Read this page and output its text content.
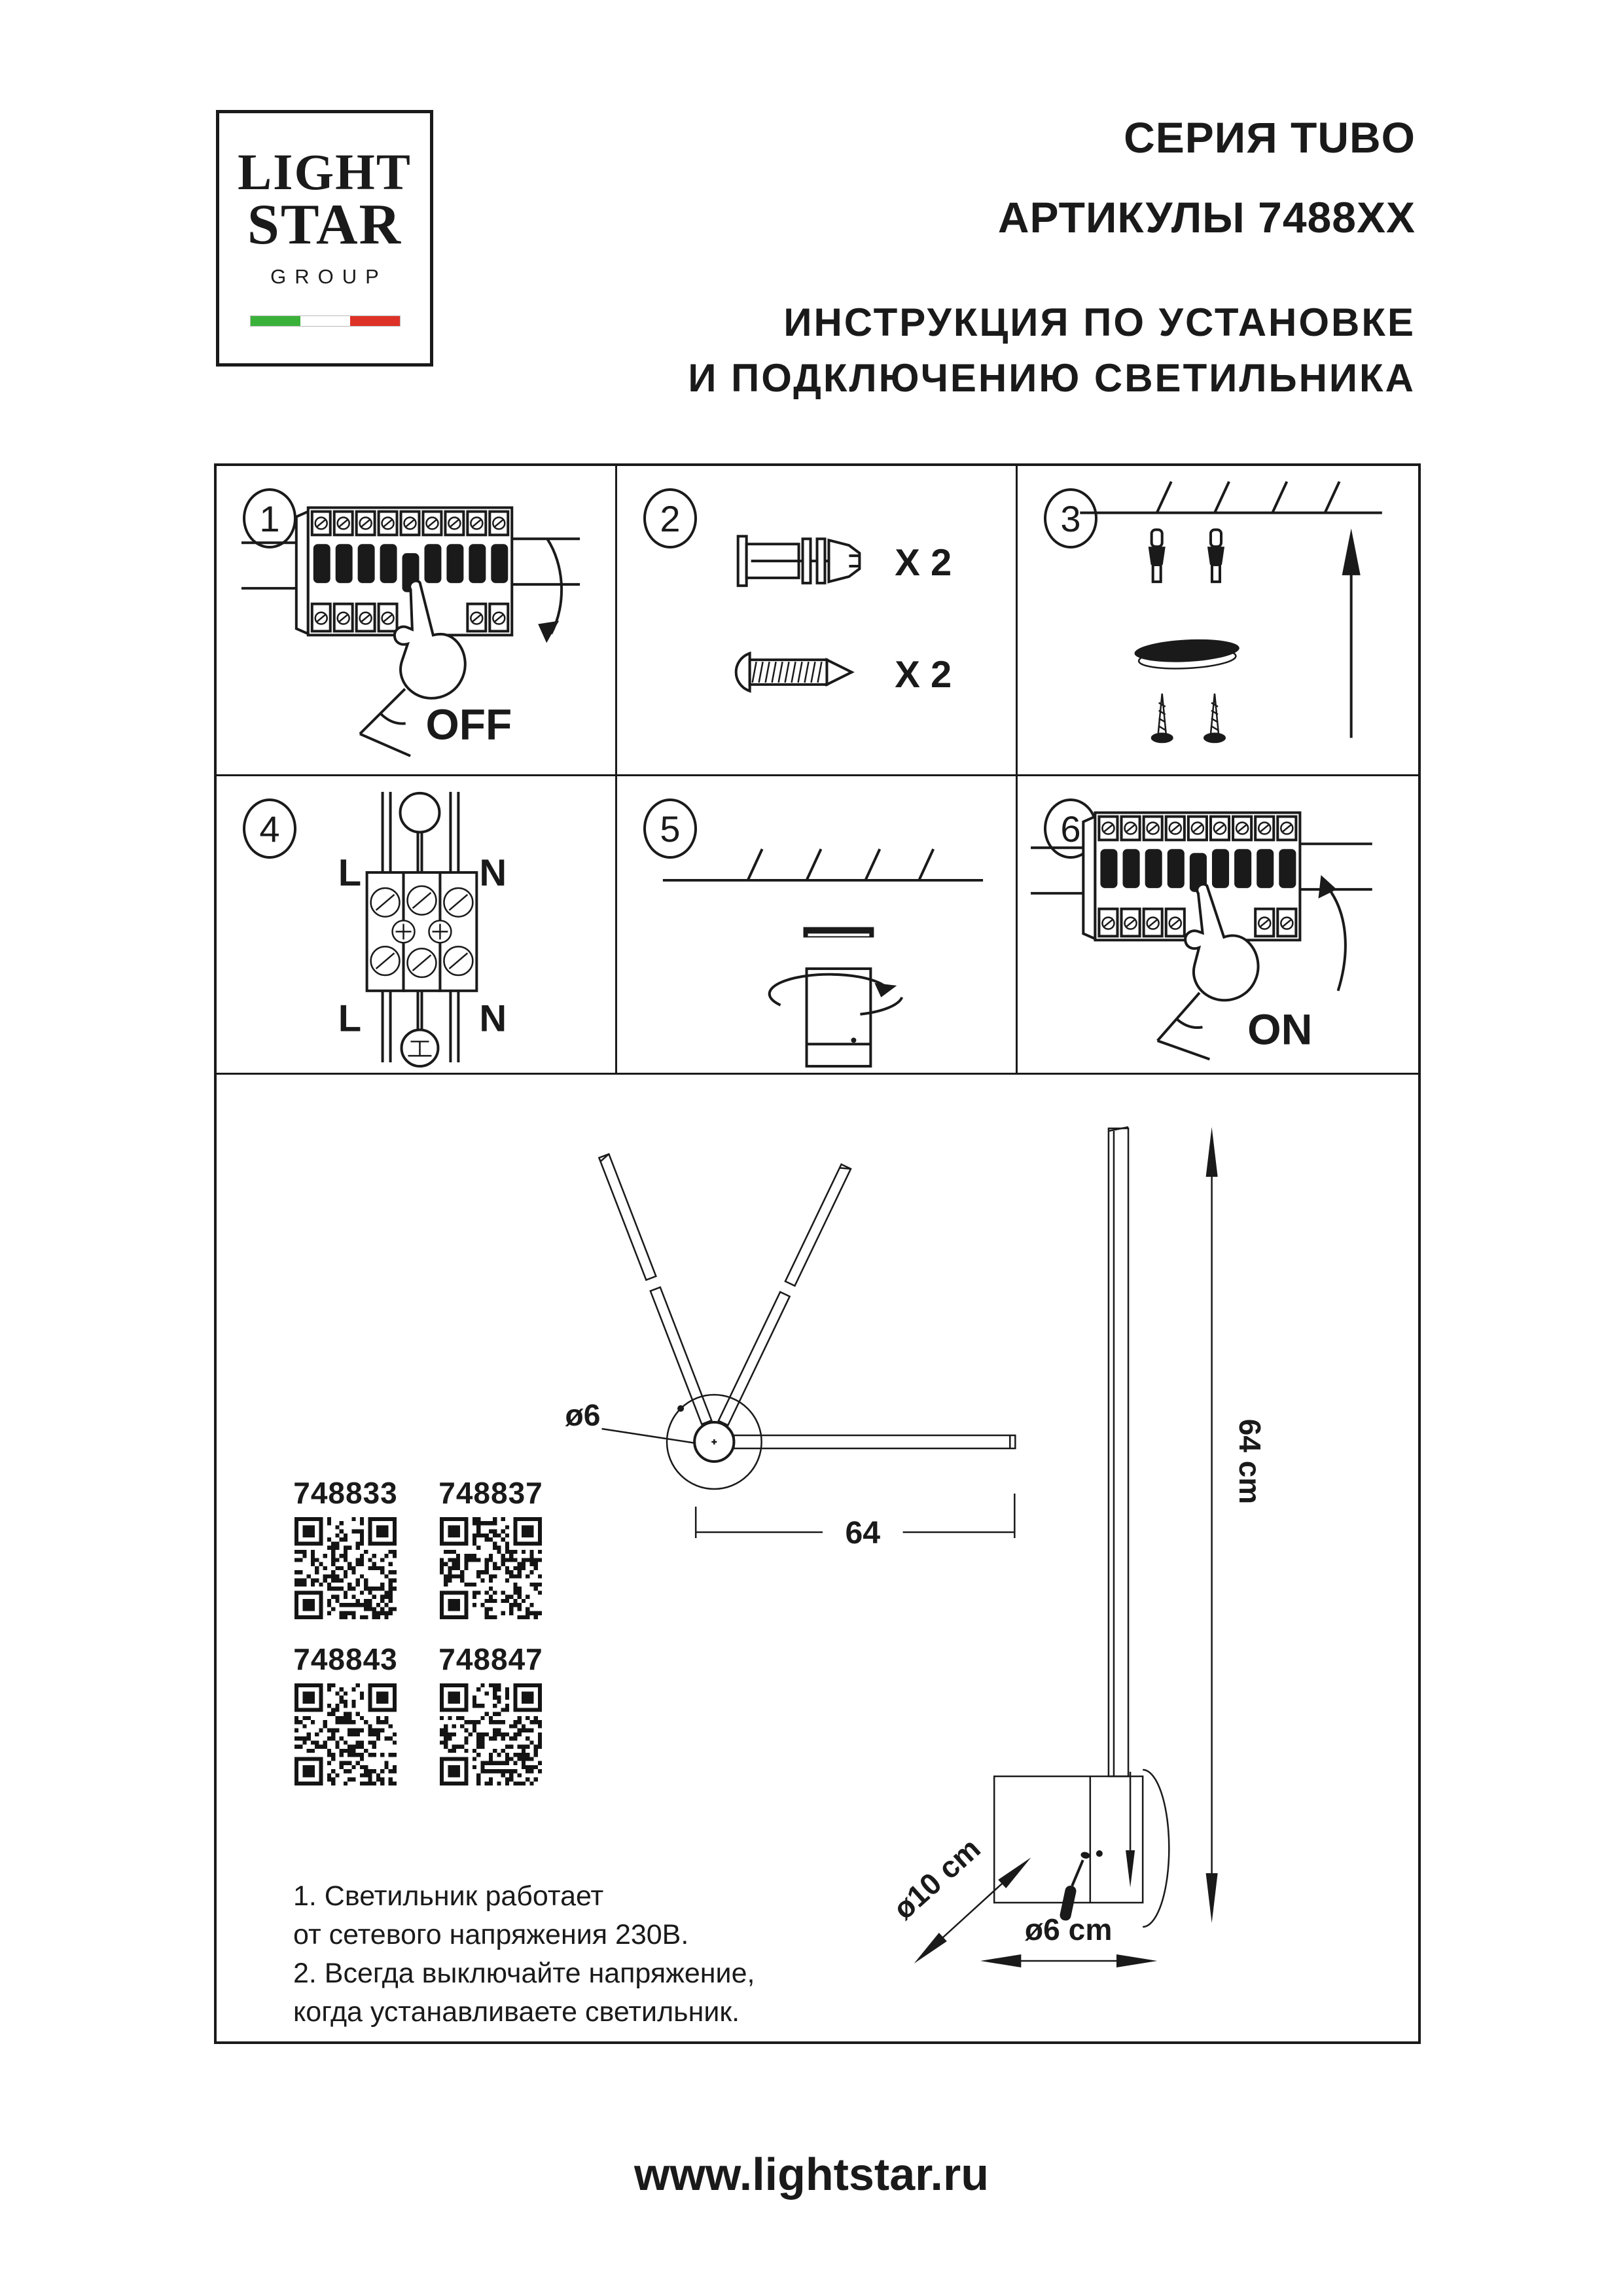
LIGHT
STAR
GROUP
СЕРИЯ TUBO
АРТИКУЛЫ 7488XX
ИНСТРУКЦИЯ ПО УСТАНОВКЕ
И ПОДКЛЮЧЕНИЮ СВЕТИЛЬНИКА
1
OFF
2
X 2
X 2
3
4
L	N
L	N
5	6
ON
ø6
64
64 cm
ø10 cm
ø6 cm
748833 748837
748843 748847
1. Светильник работает
от сетевого напряжения 230В.
2. Всегда выключайте напряжение,
когда устанавливаете светильник.
www.lightstar.ru
